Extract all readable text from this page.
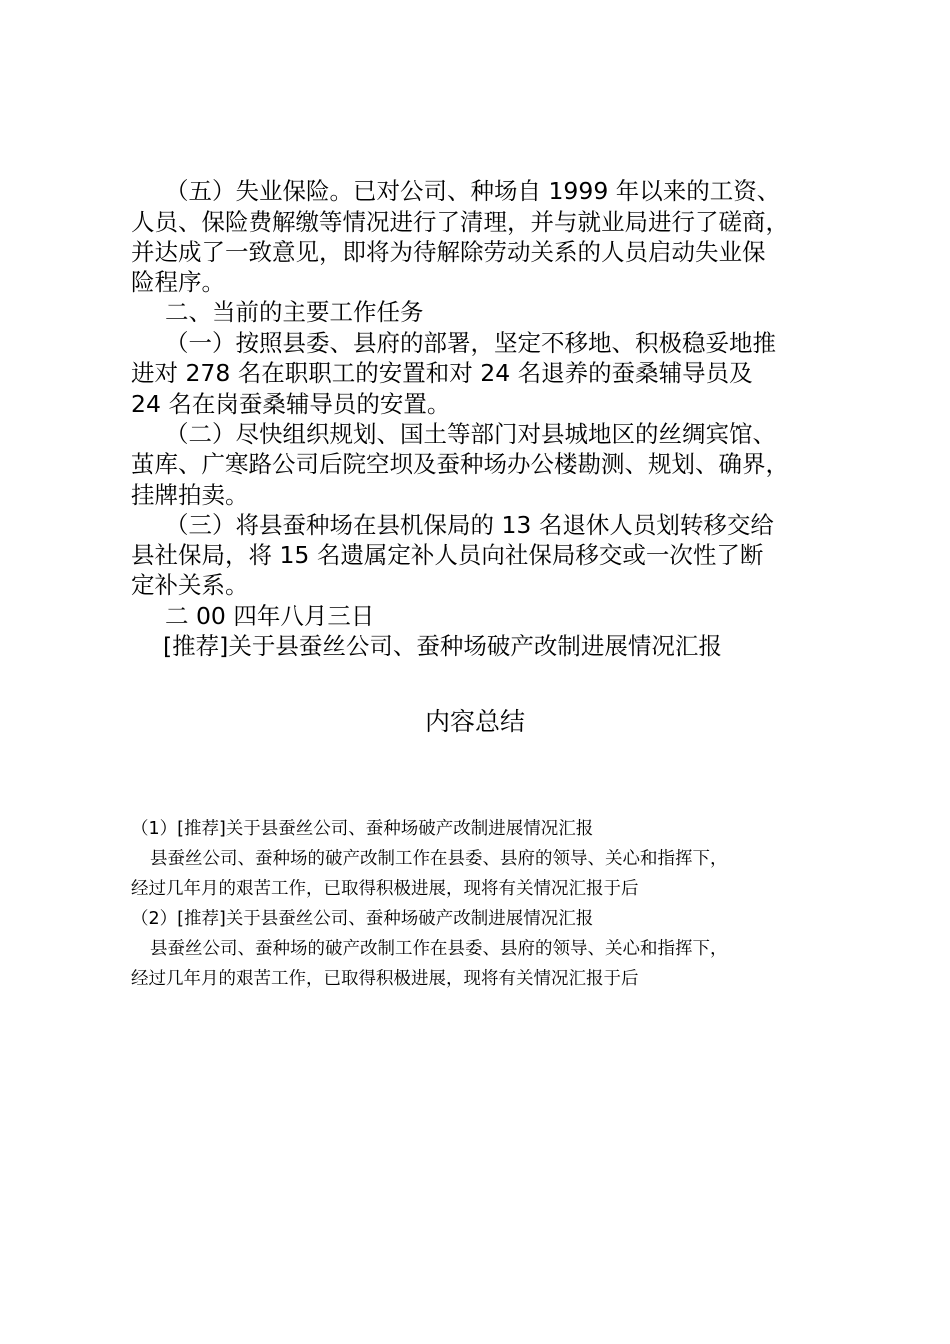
（五）失业保险。已对公司、种场自 1999 年以来的工资、
人员、保险费解缴等情况进行了清理，并与就业局进行了磋商，
并达成了一致意见，即将为待解除劳动关系的人员启动失业保
险程序。
二、当前的主要工作任务
（一）按照县委、县府的部署，坚定不移地、积极稳妥地推
进对 278 名在职职工的安置和对 24 名退养的蚕桑辅导员及
24 名在岗蚕桑辅导员的安置。
（二）尽快组织规划、国土等部门对县城地区的丝绸宾馆、
茧库、广寒路公司后院空坝及蚕种场办公楼勘测、规划、确界，
挂牌拍卖。
（三）将县蚕种场在县机保局的 13 名退休人员划转移交给
县社保局，将 15 名遗属定补人员向社保局移交或一次性了断
定补关系。
二 00 四年八月三日
[推荐]关于县蚕丝公司、蚕种场破产改制进展情况汇报
内容总结
（1）[推荐]关于县蚕丝公司、蚕种场破产改制进展情况汇报
县蚕丝公司、蚕种场的破产改制工作在县委、县府的领导、关心和指挥下，
经过几年月的艰苦工作，已取得积极进展，现将有关情况汇报于后
（2）[推荐]关于县蚕丝公司、蚕种场破产改制进展情况汇报
县蚕丝公司、蚕种场的破产改制工作在县委、县府的领导、关心和指挥下，
经过几年月的艰苦工作，已取得积极进展，现将有关情况汇报于后
